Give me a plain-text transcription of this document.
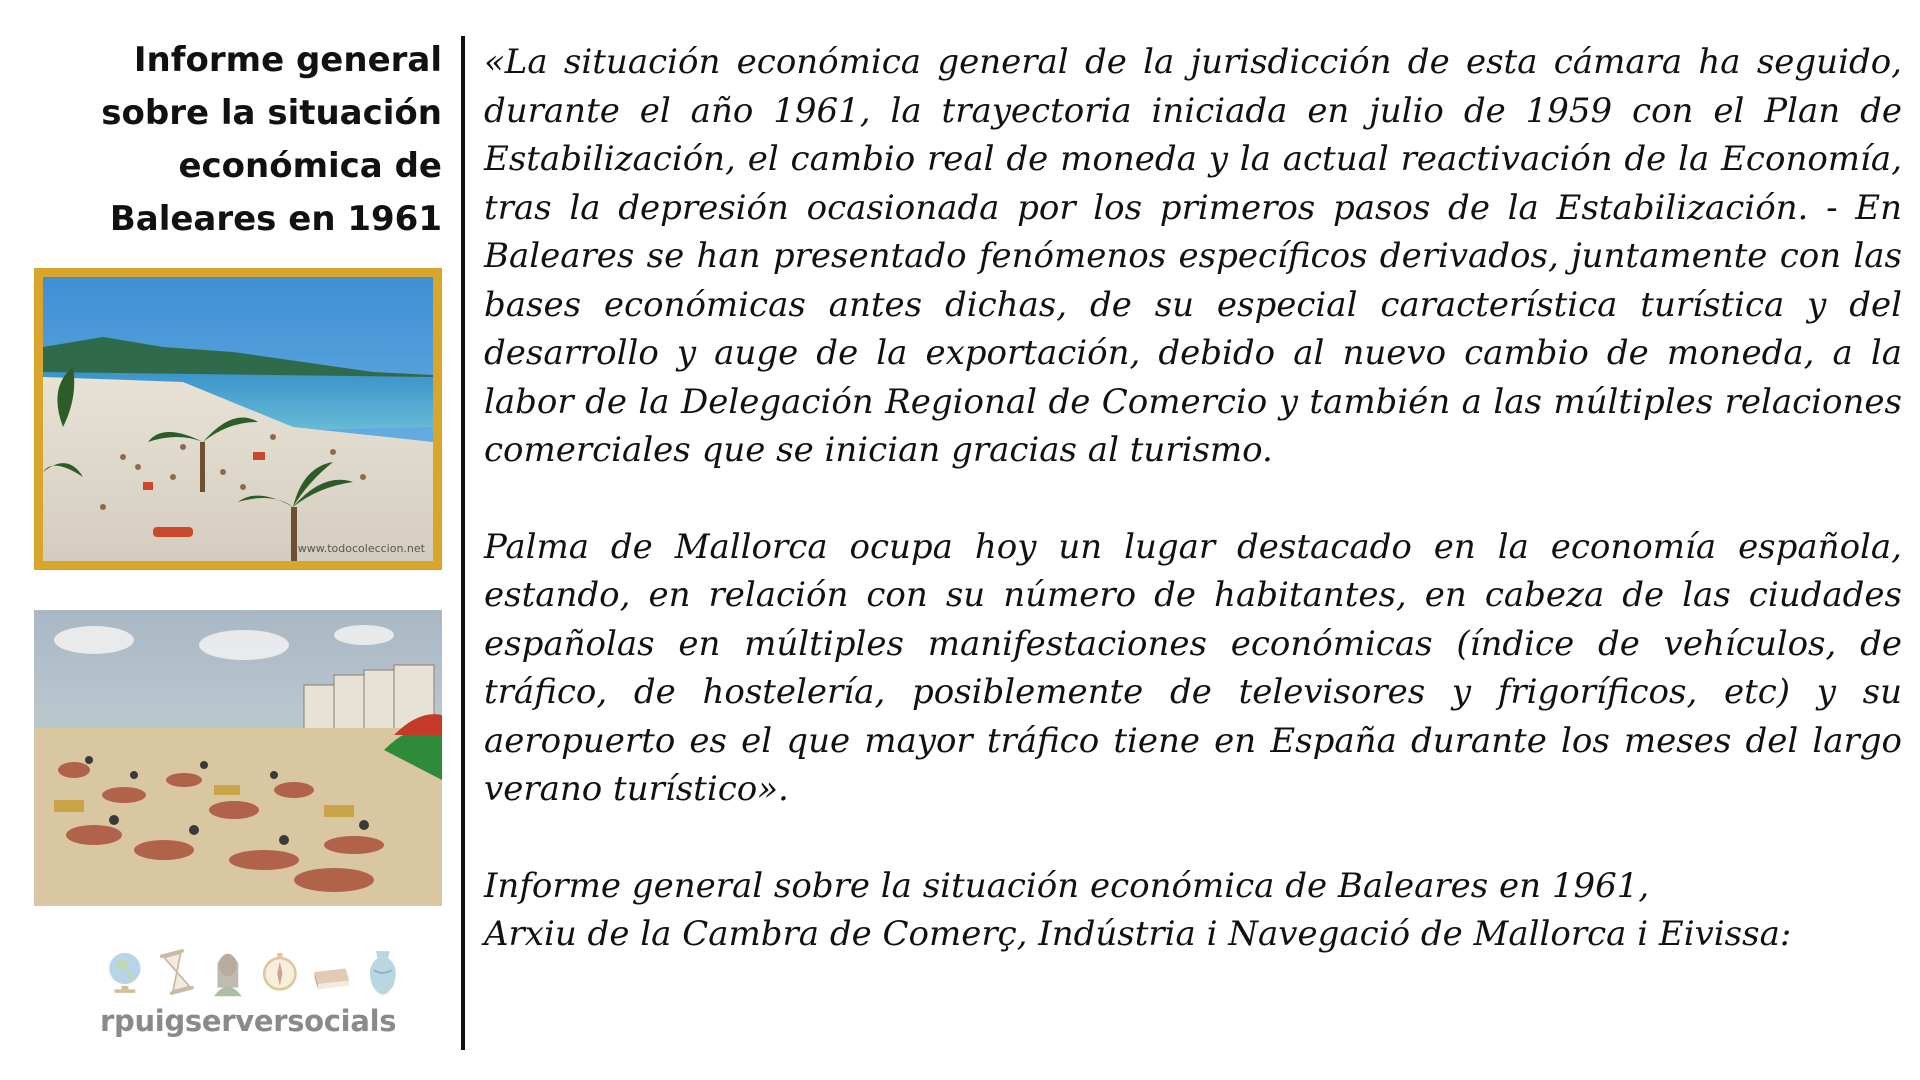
Informe general sobre la situación económica de Baleares en 1961
www.todocoleccion.net
rpuigserversocials

«La situación económica general de la jurisdicción de esta cámara ha seguido, durante el año 1961, la trayectoria iniciada en julio de 1959 con el Plan de Estabilización, el cambio real de moneda y la actual reactivación de la Economía, tras la depresión ocasionada por los primeros pasos de la Estabilización. - En Baleares se han presentado fenómenos específicos derivados, juntamente con las bases económicas antes dichas, de su especial característica turística y del desarrollo y auge de la exportación, debido al nuevo cambio de moneda, a la labor de la Delegación Regional de Comercio y también a las múltiples relaciones comerciales que se inician gracias al turismo.

Palma de Mallorca ocupa hoy un lugar destacado en la economía española, estando, en relación con su número de habitantes, en cabeza de las ciudades españolas en múltiples manifestaciones económicas (índice de vehículos, de tráfico, de hostelería, posiblemente de televisores y frigoríficos, etc) y su aeropuerto es el que mayor tráfico tiene en España durante los meses del largo verano turístico».

Informe general sobre la situación económica de Baleares en 1961,
Arxiu de la Cambra de Comerç, Indústria i Navegació de Mallorca i Eivissa:
